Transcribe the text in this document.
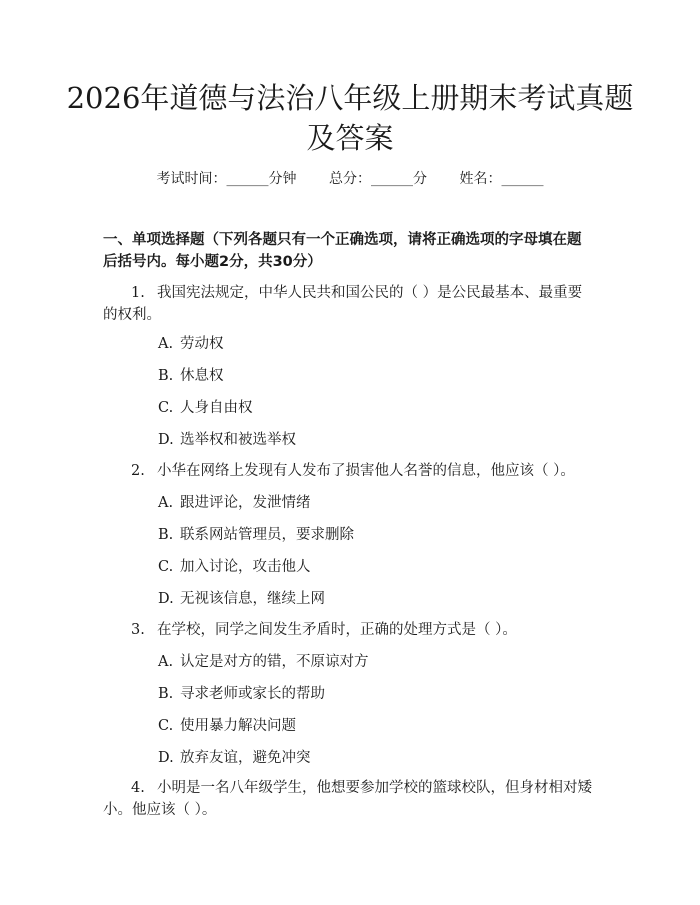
2026年道德与法治八年级上册期末考试真题及答案
考试时间：______分钟 总分：______分 姓名：______
一、单项选择题（下列各题只有一个正确选项，请将正确选项的字母填在题后括号内。每小题2分，共30分）
1. 我国宪法规定，中华人民共和国公民的（ ）是公民最基本、最重要的权利。
A. 劳动权
B. 休息权
C. 人身自由权
D. 选举权和被选举权
2. 小华在网络上发现有人发布了损害他人名誉的信息，他应该（ ）。
A. 跟进评论，发泄情绪
B. 联系网站管理员，要求删除
C. 加入讨论，攻击他人
D. 无视该信息，继续上网
3. 在学校，同学之间发生矛盾时，正确的处理方式是（ ）。
A. 认定是对方的错，不原谅对方
B. 寻求老师或家长的帮助
C. 使用暴力解决问题
D. 放弃友谊，避免冲突
4. 小明是一名八年级学生，他想要参加学校的篮球校队，但身材相对矮小。他应该（ ）。
